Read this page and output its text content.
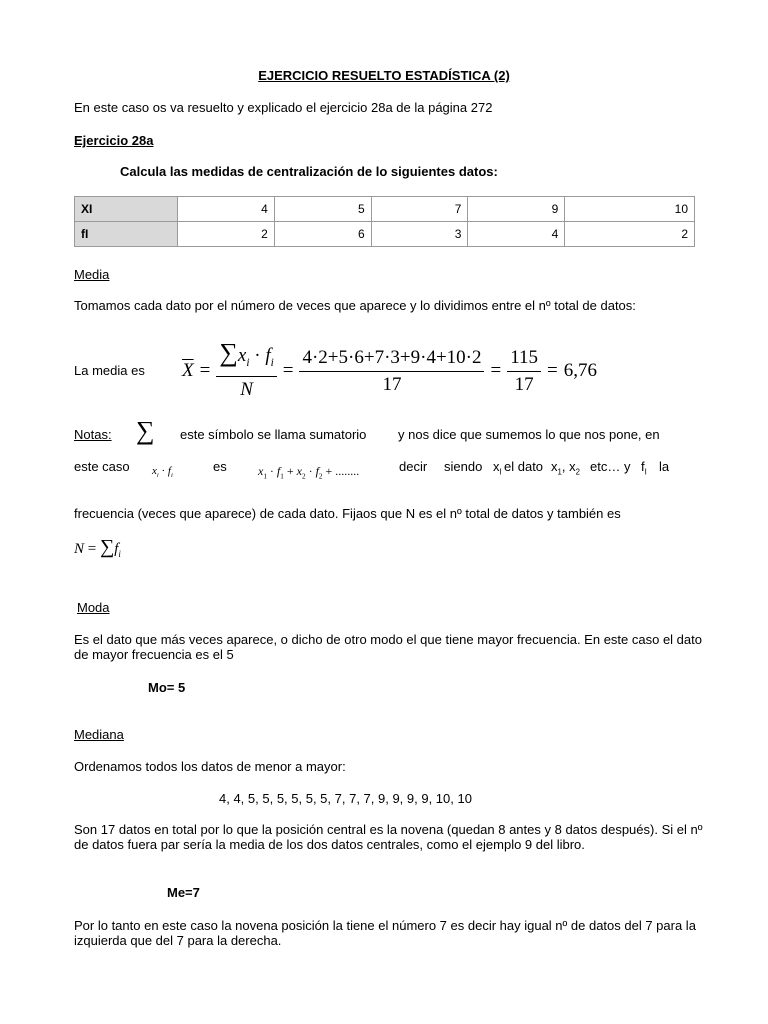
EJERCICIO RESUELTO ESTADÍSTICA (2)
En este caso os va resuelto y explicado el ejercicio 28a de la página 272
Ejercicio 28a
Calcula las medidas de centralización de lo siguientes datos:
XI	4	5	7	9	10
fI	2	6	3	4	2
Media
Tomamos cada dato por el número de veces que aparece y lo dividimos entre el nº total de datos:
La media es	$\overline{X} = \frac{\sum x_i \cdot f_i}{N} = \frac{4\cdot 2+5\cdot 6+7\cdot 3+9\cdot 4+10\cdot 2}{17} = \frac{115}{17} = 6,76$
Notas: ∑ este símbolo se llama sumatorio y nos dice que sumemos lo que nos pone, en
este caso $x_i \cdot f_i$
es	$x_1 \cdot f_1 + x_2 \cdot f_2$ + ........	decir siendo $x_I$ el dato $x_1$, $x_2$ etc… y $f_I$ la
frecuencia (veces que aparece) de cada dato. Fijaos que N es el nº total de datos y también es
$N = \sum f_i$
Moda
Es el dato que más veces aparece, o dicho de otro modo el que tiene mayor frecuencia. En este caso el dato de mayor frecuencia es el 5
Mo= 5
Mediana
Ordenamos todos los datos de menor a mayor:
4, 4, 5, 5, 5, 5, 5, 5, 7, 7, 7, 9, 9, 9, 9, 10, 10
Son 17 datos en total por lo que la posición central es la novena (quedan 8 antes y 8 datos después). Si el nº de datos fuera par sería la media de los dos datos centrales, como el ejemplo 9 del libro.
Me=7
Por lo tanto en este caso la novena posición la tiene el número 7 es decir hay igual nº de datos del 7 para la izquierda que del 7 para la derecha.
